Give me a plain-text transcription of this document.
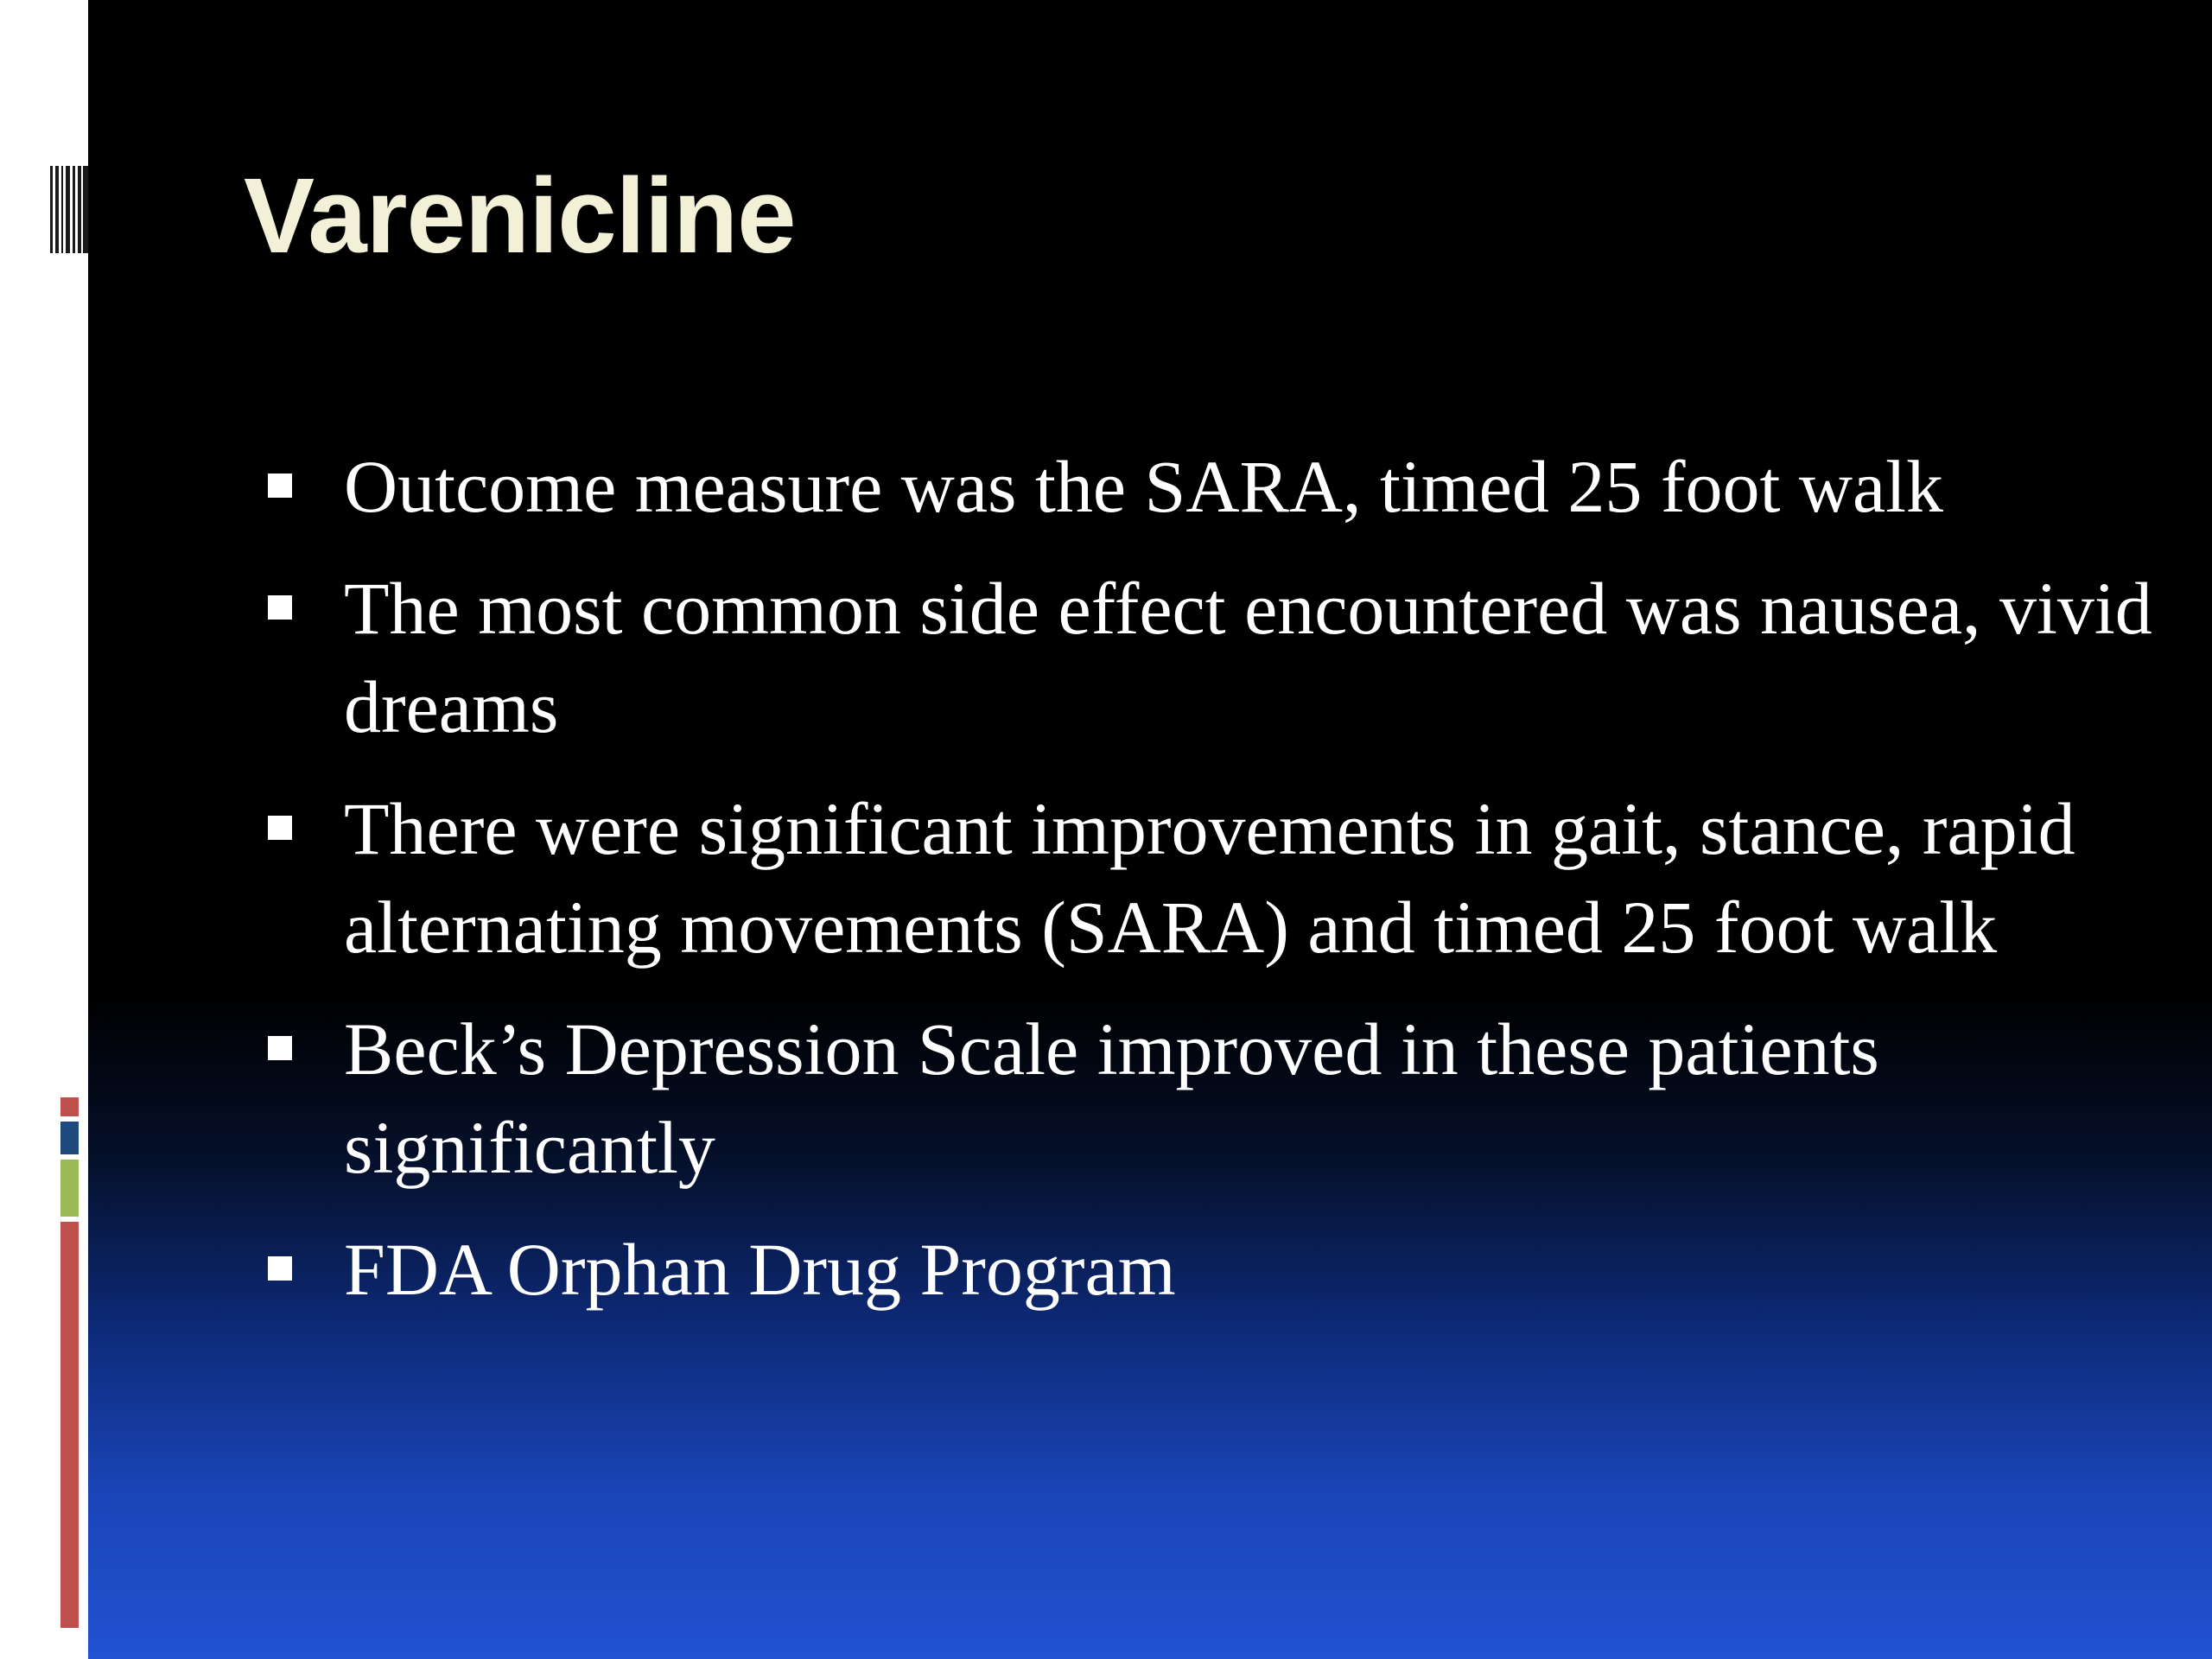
Varenicline
Outcome measure was the SARA, timed 25 foot walk
The most common side effect encountered was nausea, vivid dreams
There were significant improvements in gait, stance, rapid alternating movements (SARA) and timed 25 foot walk
Beck’s Depression Scale improved in these patients significantly
FDA Orphan Drug Program
